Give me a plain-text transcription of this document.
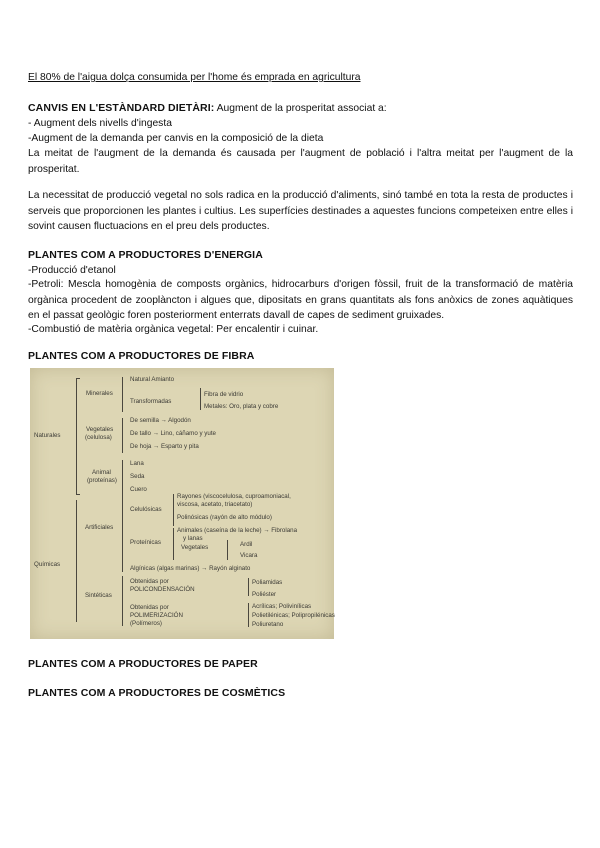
El 80% de l'aigua dolça consumida per l'home és emprada en agricultura

CANVIS EN L'ESTÀNDARD DIETÀRI: Augment de la prosperitat associat a:

- Augment dels nivells d'ingesta

-Augment de la demanda per canvis en la composició de la dieta

La meitat de l'augment de la demanda és causada per l'augment de població i l'altra meitat per l'augment de la prosperitat.

La necessitat de producció vegetal no sols radica en la producció d'aliments, sinó també en tota la resta de productes i serveis que proporcionen les plantes i cultius. Les superfícies destinades a aquestes funcions competeixen entre elles i sovint causen fluctuacions en el preu dels productes.

PLANTES COM A PRODUCTORES D'ENERGIA

-Producció d'etanol

-Petroli: Mescla homogènia de composts orgànics, hidrocarburs d'origen fòssil, fruit de la transformació de matèria orgànica procedent de zooplàncton i algues que, dipositats en grans quantitats als fons anòxics de zones aquàtiques en el passat geològic foren posteriorment enterrats davall de capes de sediment gruixades.

-Combustió de matèria orgànica vegetal: Per encalentir i cuinar.

PLANTES COM A PRODUCTORES DE FIBRA

Naturales

Minerales

Natural Amianto

Transformadas

Fibra de vidrio

Metales: Oro, plata y cobre

Vegetales

(celulosa)

De semilla → Algodón

De tallo → Lino, cáñamo y yute

De hoja → Esparto y pita

Animal

(proteínas)

Lana

Seda

Cuero

Químicas

Artificiales

Celulósicas

Rayones (viscocelulosa, cuproamoniacal,

viscosa, acetato, triacetato)

Polinósicas (rayón de alto módulo)

Proteínicas

Animales (caseína de la leche) → Fibrolana

y lanas

Vegetales	Ardil

Vicara

Algínicas (algas marinas) → Rayón alginato

Sintéticas

Obtenidas por

POLICONDENSACIÓN

Poliamidas

Poliéster

Obtenidas por

POLIMERIZACIÓN

(Polímeros)

Acrílicas; Polivinílicas

Polietilénicas; Polipropilénicas

Poliuretano

PLANTES COM A PRODUCTORES DE PAPER

PLANTES COM A PRODUCTORES DE COSMÈTICS
